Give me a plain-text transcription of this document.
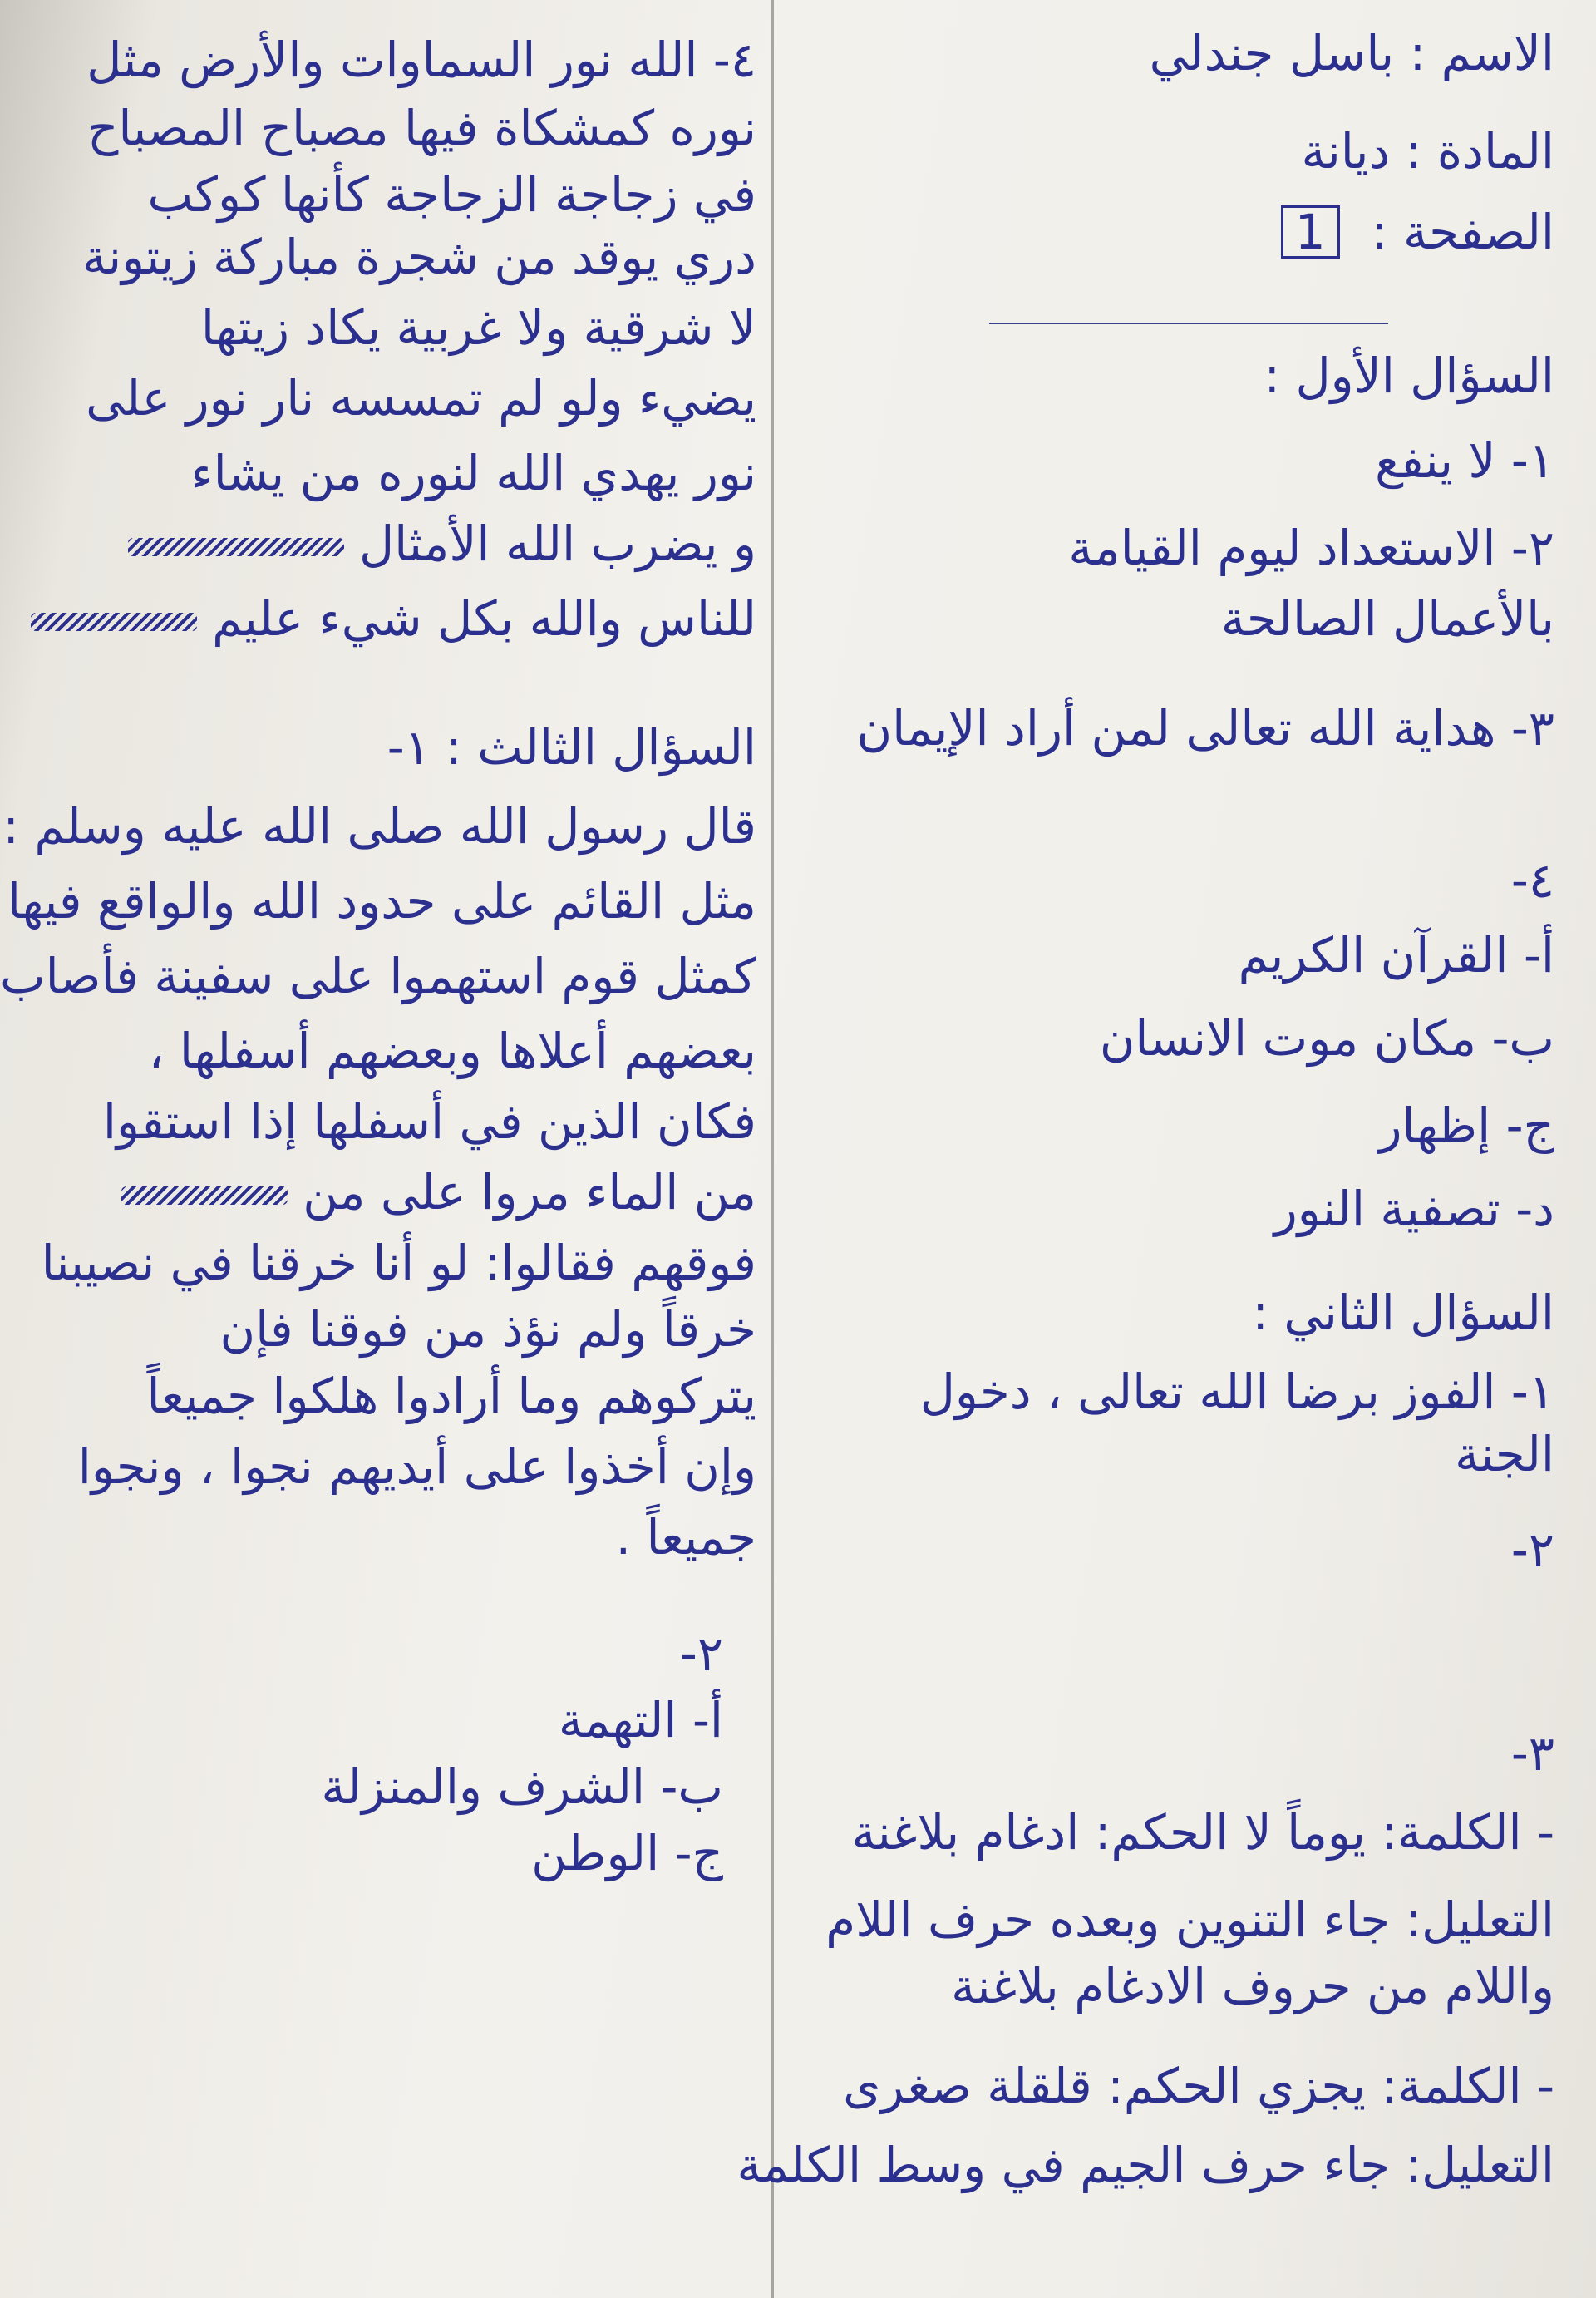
الاسم : باسل جندلي
المادة : ديانة
الصفحة : 1
السؤال الأول :
١- لا ينفع
٢- الاستعداد ليوم القيامة
بالأعمال الصالحة
٣- هداية الله تعالى لمن أراد الإيمان
٤-
أ- القرآن الكريم
ب- مكان موت الانسان
ج- إظهار
د- تصفية النور
السؤال الثاني :
١- الفوز برضا الله تعالى ، دخول
الجنة
٢-
٣-
- الكلمة: يوماً لا الحكم: ادغام بلاغنة
التعليل: جاء التنوين وبعده حرف اللام
واللام من حروف الادغام بلاغنة
- الكلمة: يجزي الحكم: قلقلة صغرى
التعليل: جاء حرف الجيم في وسط الكلمة
٤- الله نور السماوات والأرض مثل
نوره كمشكاة فيها مصباح المصباح
في زجاجة الزجاجة كأنها كوكب
دري يوقد من شجرة مباركة زيتونة
لا شرقية ولا غربية يكاد زيتها
يضيء ولو لم تمسسه نار نور على
نور يهدي الله لنوره من يشاء
و يضرب الله الأمثال
للناس والله بكل شيء عليم
السؤال الثالث : ١-
قال رسول الله صلى الله عليه وسلم :
مثل القائم على حدود الله والواقع فيها
كمثل قوم استهموا على سفينة فأصاب
بعضهم أعلاها وبعضهم أسفلها ،
فكان الذين في أسفلها إذا استقوا
من الماء مروا على من
فوقهم فقالوا: لو أنا خرقنا في نصيبنا
خرقاً ولم نؤذ من فوقنا فإن
يتركوهم وما أرادوا هلكوا جميعاً
وإن أخذوا على أيديهم نجوا ، ونجوا
جميعاً .
٢-
أ- التهمة
ب- الشرف والمنزلة
ج- الوطن
